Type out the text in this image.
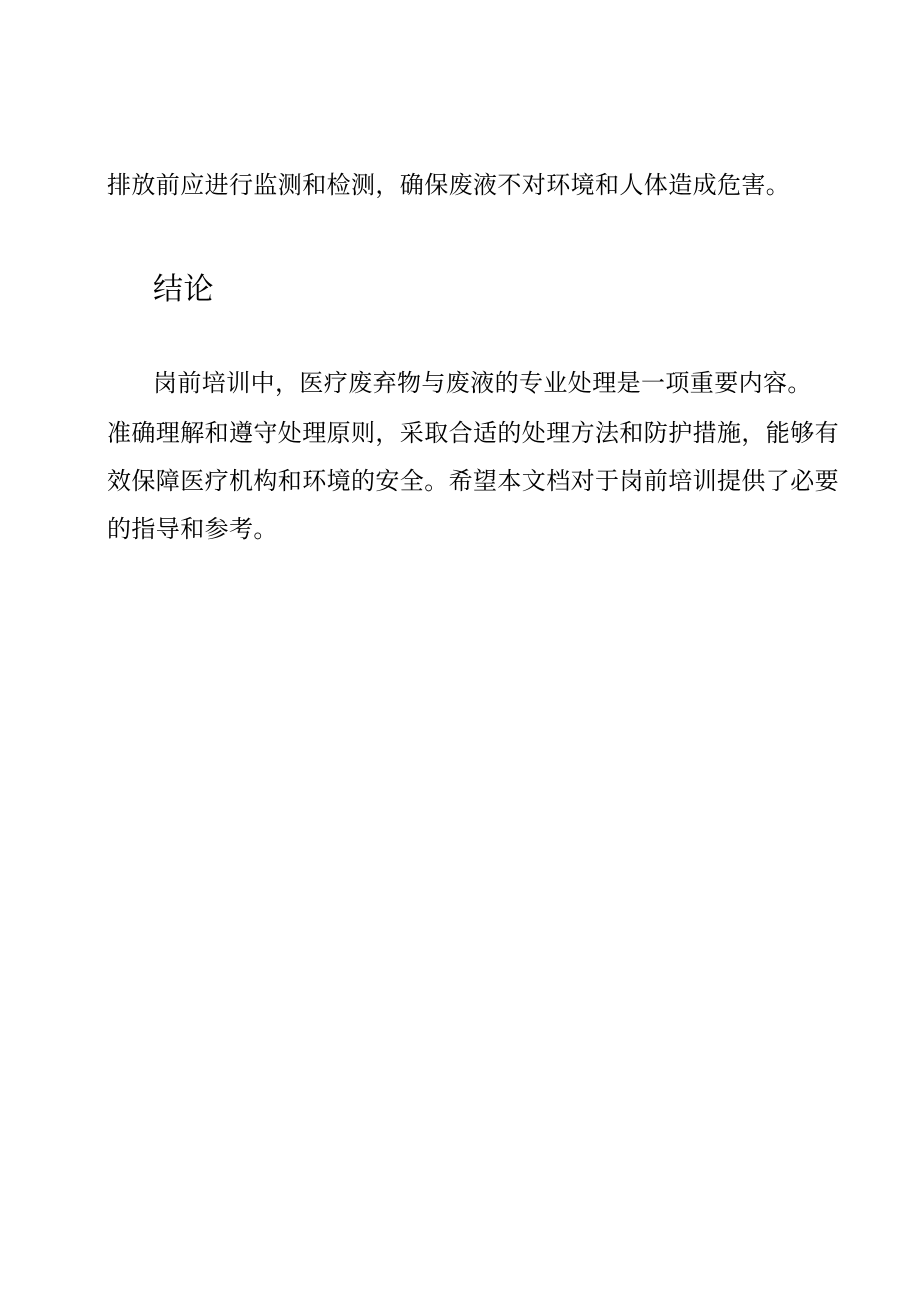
排放前应进行监测和检测，确保废液不对环境和人体造成危害。
结论
岗前培训中，医疗废弃物与废液的专业处理是一项重要内容。
准确理解和遵守处理原则，采取合适的处理方法和防护措施，能够有
效保障医疗机构和环境的安全。希望本文档对于岗前培训提供了必要
的指导和参考。
